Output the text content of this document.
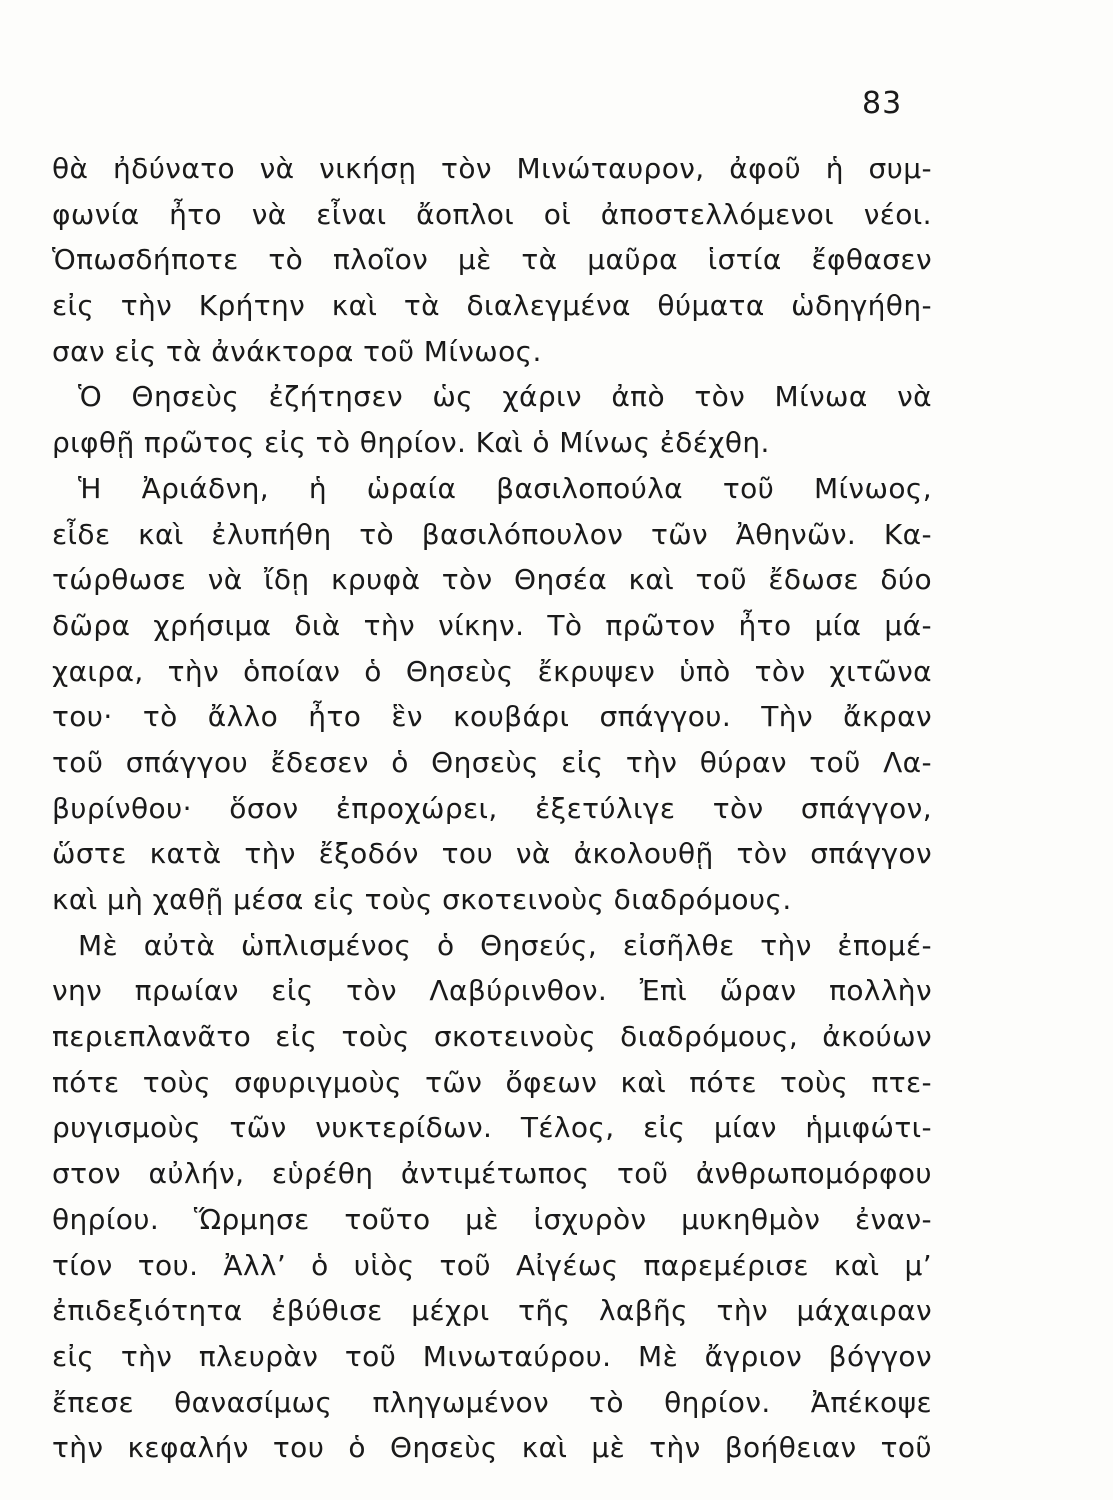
83
θὰ ἠδύνατο νὰ νικήσῃ τὸν Μινώταυρον, ἀφοῦ ἡ συμ-
φωνία ἦτο νὰ εἶναι ἄοπλοι οἱ ἀποστελλόμενοι νέοι.
Ὁπωσδήποτε τὸ πλοῖον μὲ τὰ μαῦρα ἱστία ἔφθασεν
εἰς τὴν Κρήτην καὶ τὰ διαλεγμένα θύματα ὡδηγήθη-
σαν εἰς τὰ ἀνάκτορα τοῦ Μίνωος.
Ὁ Θησεὺς ἐζήτησεν ὡς χάριν ἀπὸ τὸν Μίνωα νὰ
ριφθῇ πρῶτος εἰς τὸ θηρίον. Καὶ ὁ Μίνως ἐδέχθη.
Ἡ Ἀριάδνη, ἡ ὡραία βασιλοπούλα τοῦ Μίνωος,
εἶδε καὶ ἐλυπήθη τὸ βασιλόπουλον τῶν Ἀθηνῶν. Κα-
τώρθωσε νὰ ἴδῃ κρυφὰ τὸν Θησέα καὶ τοῦ ἔδωσε δύο
δῶρα χρήσιμα διὰ τὴν νίκην. Τὸ πρῶτον ἦτο μία μά-
χαιρα, τὴν ὁποίαν ὁ Θησεὺς ἔκρυψεν ὑπὸ τὸν χιτῶνα
του· τὸ ἄλλο ἦτο ἓν κουβάρι σπάγγου. Τὴν ἄκραν
τοῦ σπάγγου ἔδεσεν ὁ Θησεὺς εἰς τὴν θύραν τοῦ Λα-
βυρίνθου· ὅσον ἐπροχώρει, ἐξετύλιγε τὸν σπάγγον,
ὥστε κατὰ τὴν ἔξοδόν του νὰ ἀκολουθῇ τὸν σπάγγον
καὶ μὴ χαθῇ μέσα εἰς τοὺς σκοτεινοὺς διαδρόμους.
Μὲ αὐτὰ ὡπλισμένος ὁ Θησεύς, εἰσῆλθε τὴν ἐπομέ-
νην πρωίαν εἰς τὸν Λαβύρινθον. Ἐπὶ ὥραν πολλὴν
περιεπλανᾶτο εἰς τοὺς σκοτεινοὺς διαδρόμους, ἀκούων
πότε τοὺς σφυριγμοὺς τῶν ὄφεων καὶ πότε τοὺς πτε-
ρυγισμοὺς τῶν νυκτερίδων. Τέλος, εἰς μίαν ἡμιφώτι-
στον αὐλήν, εὑρέθη ἀντιμέτωπος τοῦ ἀνθρωπομόρφου
θηρίου. Ὥρμησε τοῦτο μὲ ἰσχυρὸν μυκηθμὸν ἐναν-
τίον του. Ἀλλ’ ὁ υἱὸς τοῦ Αἰγέως παρεμέρισε καὶ μ’
ἐπιδεξιότητα ἐβύθισε μέχρι τῆς λαβῆς τὴν μάχαιραν
εἰς τὴν πλευρὰν τοῦ Μινωταύρου. Μὲ ἄγριον βόγγον
ἔπεσε θανασίμως πληγωμένον τὸ θηρίον. Ἀπέκοψε
τὴν κεφαλήν του ὁ Θησεὺς καὶ μὲ τὴν βοήθειαν τοῦ
